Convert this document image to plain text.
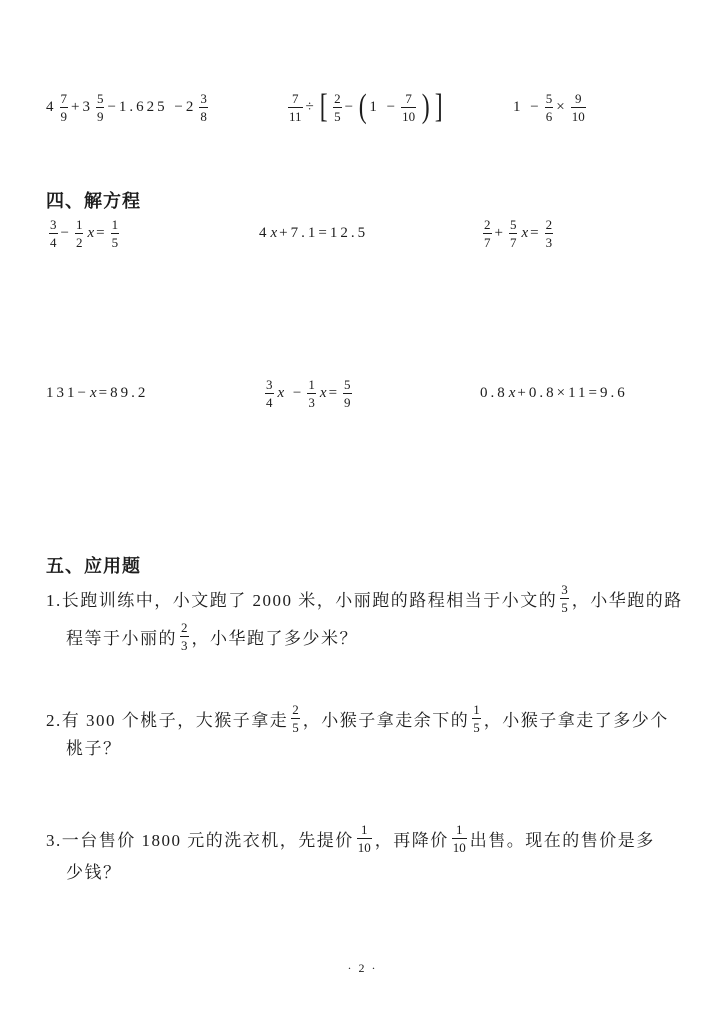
$4 \frac{7}{9} +3 \frac{5}{9} -1.625 -2 \frac{3}{8}$	$\frac{7}{11}$ ÷ [ $\frac{2}{5}$ − ( $1 - \frac{7}{10}$ ) ]	$1 - \frac{5}{6} \times \frac{9}{10}$
四、解方程
$\frac{3}{4} - \frac{1}{2}$ $x = \frac{1}{5}$	4 x +7.1=12.5	$\frac{2}{7} + \frac{5}{7}$ $x = \frac{2}{3}$
131− x =89.2	$\frac{3}{4}$ $x - \frac{1}{3}$ $x = \frac{5}{9}$	0.8 x +0.8×11=9.6
五、应用题
1.长跑训练中，小文跑了 2000 米，小丽跑的路程相当于小文的 $\frac{3}{5}$ ，小华跑的路
程等于小丽的 $\frac{2}{3}$ ，小华跑了多少米？
2.有 300 个桃子，大猴子拿走 $\frac{2}{5}$ ，小猴子拿走余下的 $\frac{1}{5}$ ，小猴子拿走了多少个
桃子？
3.一台售价 1800 元的洗衣机，先提价 $\frac{1}{10}$ ，再降价 $\frac{1}{10}$ 出售。现在的售价是多
少钱？
· 2 ·
